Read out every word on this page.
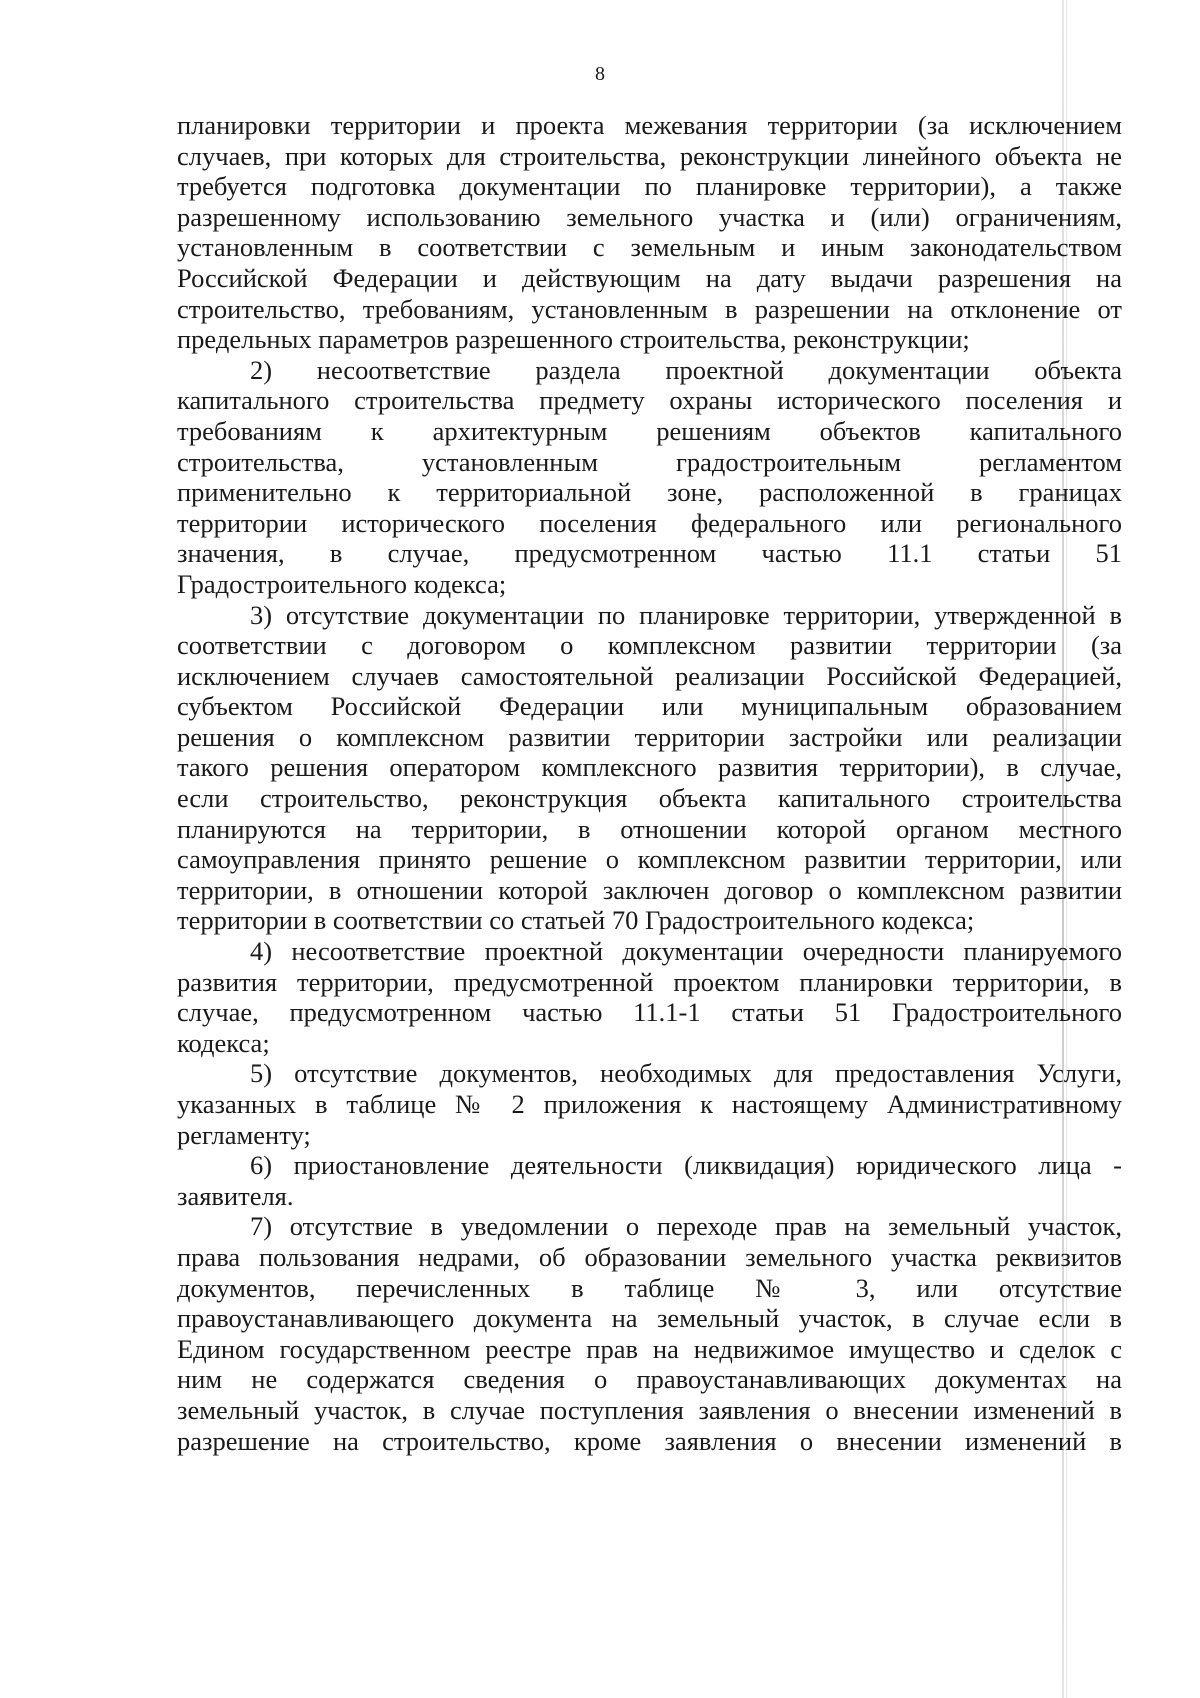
8
планировки территории и проекта межевания территории (за исключением
случаев, при которых для строительства, реконструкции линейного объекта не
требуется подготовка документации по планировке территории), а также
разрешенному использованию земельного участка и (или) ограничениям,
установленным в соответствии с земельным и иным законодательством
Российской Федерации и действующим на дату выдачи разрешения на
строительство, требованиям, установленным в разрешении на отклонение от
предельных параметров разрешенного строительства, реконструкции;
2) несоответствие раздела проектной документации объекта
капитального строительства предмету охраны исторического поселения и
требованиям к архитектурным решениям объектов капитального
строительства, установленным градостроительным регламентом
применительно к территориальной зоне, расположенной в границах
территории исторического поселения федерального или регионального
значения, в случае, предусмотренном частью 11.1 статьи 51
Градостроительного кодекса;
3) отсутствие документации по планировке территории, утвержденной в
соответствии с договором о комплексном развитии территории (за
исключением случаев самостоятельной реализации Российской Федерацией,
субъектом Российской Федерации или муниципальным образованием
решения о комплексном развитии территории застройки или реализации
такого решения оператором комплексного развития территории), в случае,
если строительство, реконструкция объекта капитального строительства
планируются на территории, в отношении которой органом местного
самоуправления принято решение о комплексном развитии территории, или
территории, в отношении которой заключен договор о комплексном развитии
территории в соответствии со статьей 70 Градостроительного кодекса;
4) несоответствие проектной документации очередности планируемого
развития территории, предусмотренной проектом планировки территории, в
случае, предусмотренном частью 11.1-1 статьи 51 Градостроительного
кодекса;
5) отсутствие документов, необходимых для предоставления Услуги,
указанных в таблице № 2 приложения к настоящему Административному
регламенту;
6) приостановление деятельности (ликвидация) юридического лица -
заявителя.
7) отсутствие в уведомлении о переходе прав на земельный участок,
права пользования недрами, об образовании земельного участка реквизитов
документов, перечисленных в таблице № 3, или отсутствие
правоустанавливающего документа на земельный участок, в случае если в
Едином государственном реестре прав на недвижимое имущество и сделок с
ним не содержатся сведения о правоустанавливающих документах на
земельный участок, в случае поступления заявления о внесении изменений в
разрешение на строительство, кроме заявления о внесении изменений в
